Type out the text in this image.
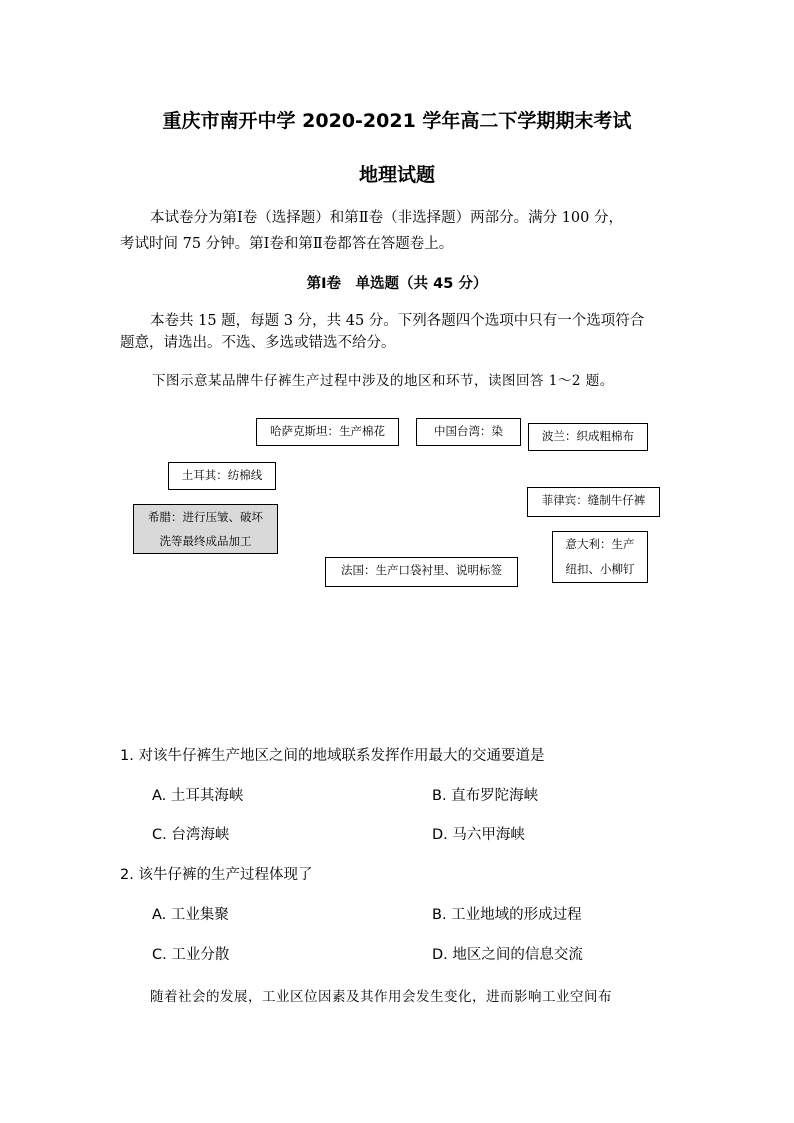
重庆市南开中学 2020-2021 学年高二下学期期末考试
地理试题
本试卷分为第Ⅰ卷（选择题）和第Ⅱ卷（非选择题）两部分。满分 100 分，
考试时间 75 分钟。第Ⅰ卷和第Ⅱ卷都答在答题卷上。
第Ⅰ卷　单选题（共 45 分）
本卷共 15 题，每题 3 分，共 45 分。下列各题四个选项中只有一个选项符合
题意，请选出。不选、多选或错选不给分。
下图示意某品牌牛仔裤生产过程中涉及的地区和环节，读图回答 1～2 题。
哈萨克斯坦：生产棉花	中国台湾：染	波兰：织成粗棉布
土耳其：纺棉线
菲律宾：缝制牛仔裤
希腊：进行压皱、破坏
洗等最终成品加工	意大利：生产
纽扣、小柳钉
法国：生产口袋衬里、说明标签
1. 对该牛仔裤生产地区之间的地域联系发挥作用最大的交通要道是
A. 土耳其海峡	B. 直布罗陀海峡
C. 台湾海峡	D. 马六甲海峡
2. 该牛仔裤的生产过程体现了
A. 工业集聚	B. 工业地域的形成过程
C. 工业分散	D. 地区之间的信息交流
随着社会的发展，工业区位因素及其作用会发生变化，进而影响工业空间布
